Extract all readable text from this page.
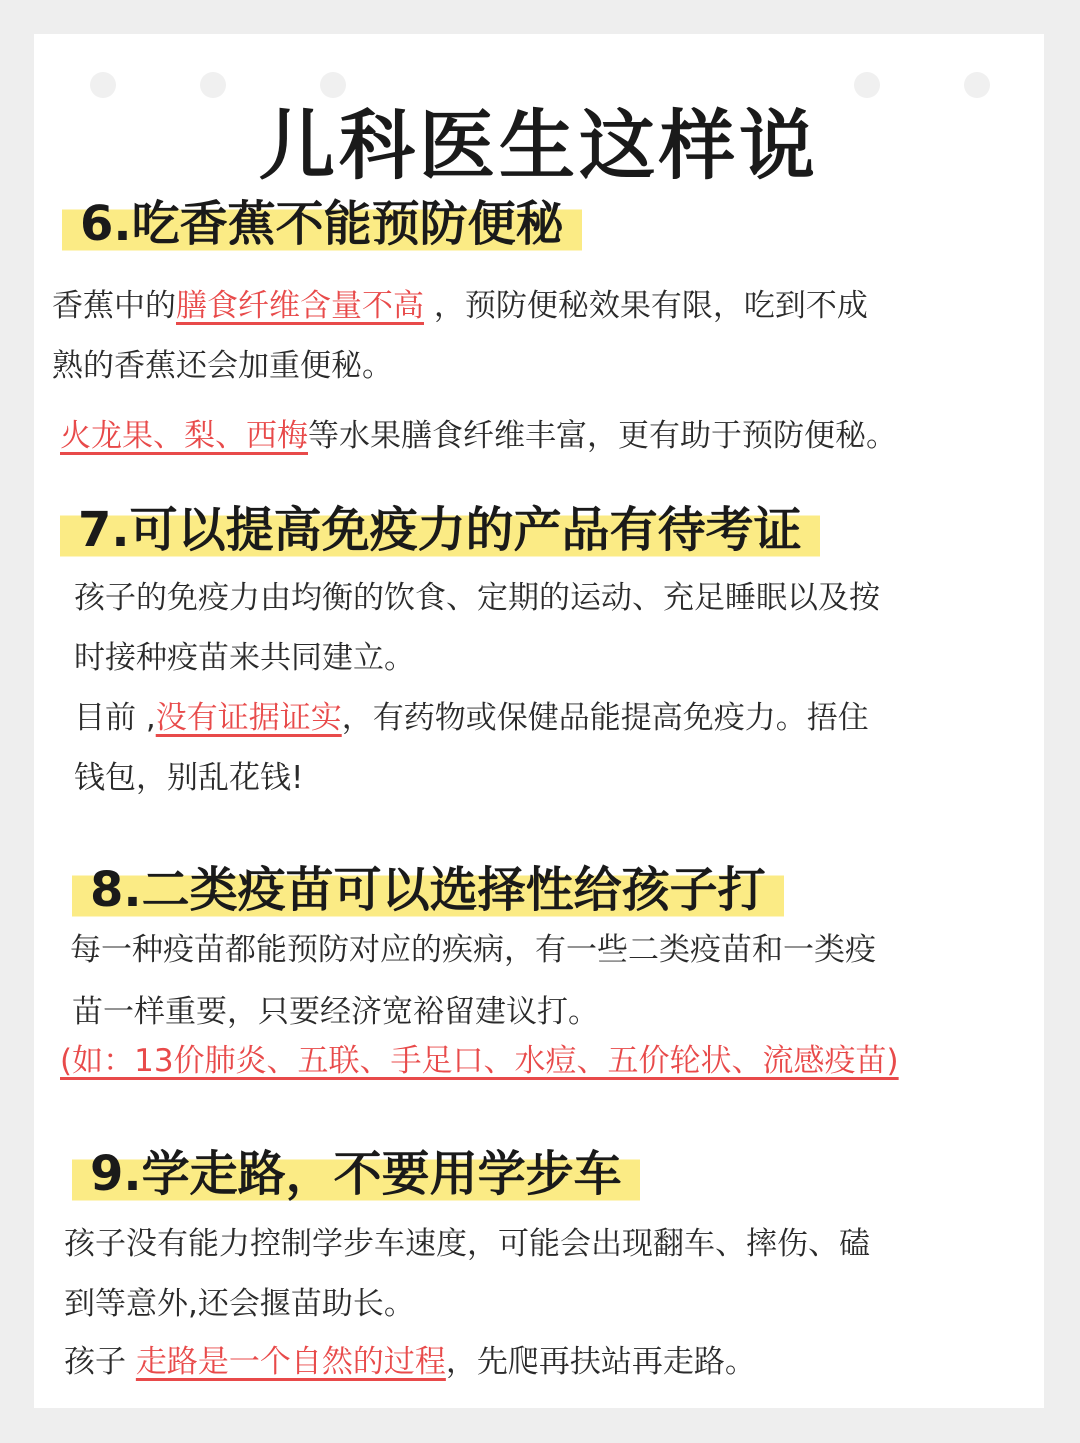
儿科医生这样说
6.吃香蕉不能预防便秘
香蕉中的膳食纤维含量不高 ，预防便秘效果有限，吃到不成
熟的香蕉还会加重便秘。
火龙果、梨、西梅等水果膳食纤维丰富，更有助于预防便秘。
7.可以提高免疫力的产品有待考证
孩子的免疫力由均衡的饮食、定期的运动、充足睡眠以及按
时接种疫苗来共同建立。
目前 ,没有证据证实，有药物或保健品能提高免疫力。捂住
钱包，别乱花钱!
8.二类疫苗可以选择性给孩子打
每一种疫苗都能预防对应的疾病，有一些二类疫苗和一类疫
苗一样重要，只要经济宽裕留建议打。
(如：13价肺炎、五联、手足口、水痘、五价轮状、流感疫苗)
9.学走路，不要用学步车
孩子没有能力控制学步车速度，可能会出现翻车、摔伤、磕
到等意外,还会揠苗助长。
孩子 走路是一个自然的过程，先爬再扶站再走路。
